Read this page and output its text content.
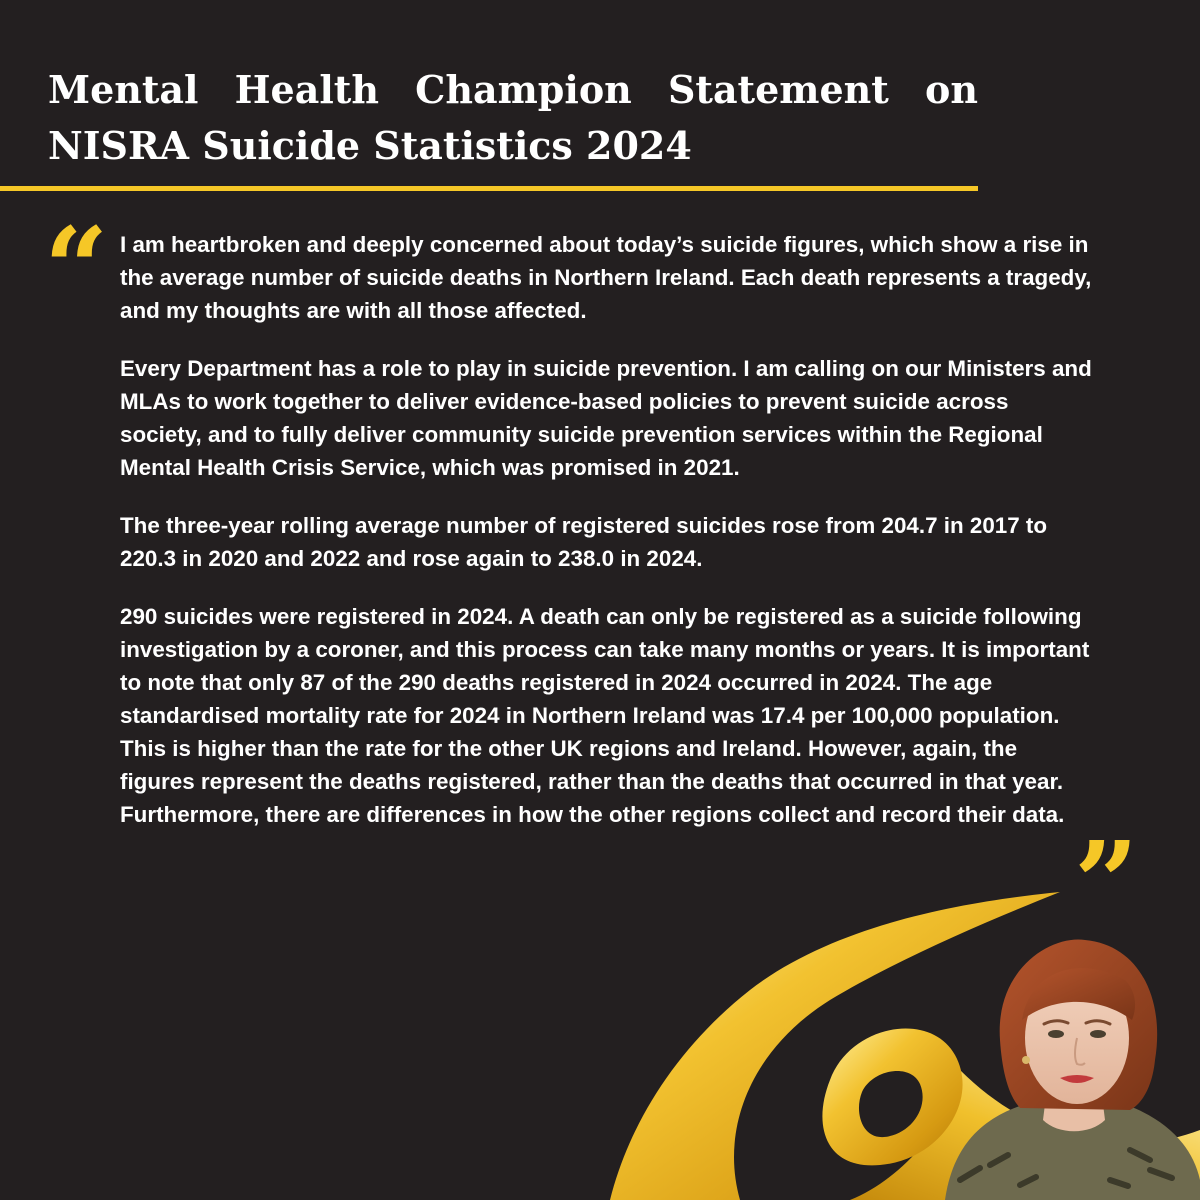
Mental Health Champion Statement on
NISRA Suicide Statistics 2024
“ I am heartbroken and deeply concerned about today’s suicide figures, which show a rise in the average number of suicide deaths in Northern Ireland. Each death represents a tragedy, and my thoughts are with all those affected.

Every Department has a role to play in suicide prevention. I am calling on our Ministers and MLAs to work together to deliver evidence-based policies to prevent suicide across society, and to fully deliver community suicide prevention services within the Regional Mental Health Crisis Service, which was promised in 2021.

The three-year rolling average number of registered suicides rose from 204.7 in 2017 to 220.3 in 2020 and 2022 and rose again to 238.0 in 2024.

290 suicides were registered in 2024. A death can only be registered as a suicide following investigation by a coroner, and this process can take many months or years. It is important to note that only 87 of the 290 deaths registered in 2024 occurred in 2024. The age standardised mortality rate for 2024 in Northern Ireland was 17.4 per 100,000 population. This is higher than the rate for the other UK regions and Ireland. However, again, the figures represent the deaths registered, rather than the deaths that occurred in that year. Furthermore, there are differences in how the other regions collect and record their data.

”
